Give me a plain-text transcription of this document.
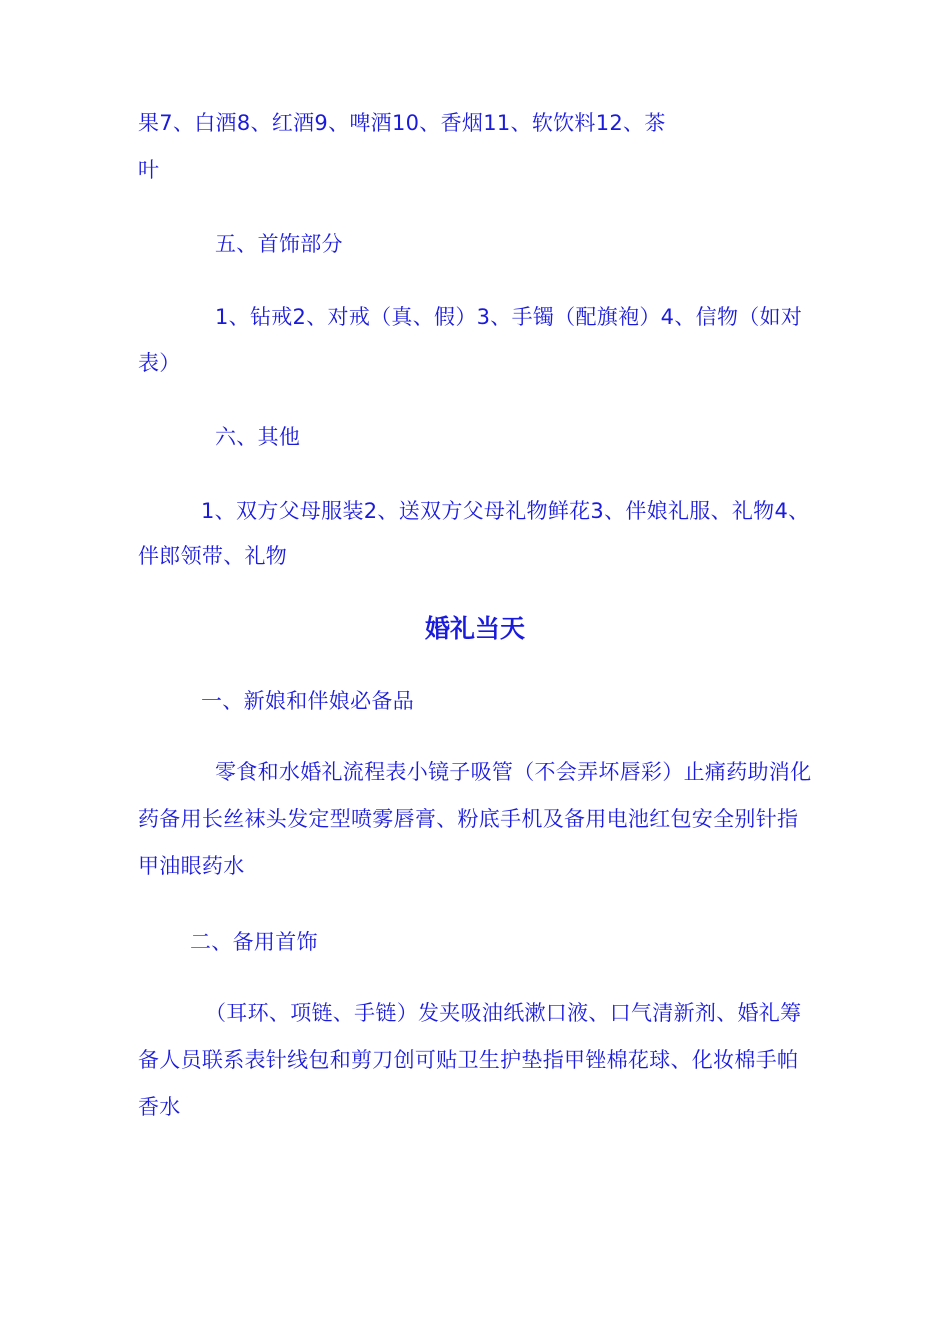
果7、白酒8、红酒9、啤酒10、香烟11、软饮料12、茶
叶
五、首饰部分
1、钻戒2、对戒（真、假）3、手镯（配旗袍）4、信物（如对
表）
六、其他
1、双方父母服装2、送双方父母礼物鲜花3、伴娘礼服、礼物4、
伴郎领带、礼物
婚礼当天
一、新娘和伴娘必备品
零食和水婚礼流程表小镜子吸管（不会弄坏唇彩）止痛药助消化
药备用长丝袜头发定型喷雾唇膏、粉底手机及备用电池红包安全别针指
甲油眼药水
二、备用首饰
（耳环、项链、手链）发夹吸油纸漱口液、口气清新剂、婚礼筹
备人员联系表针线包和剪刀创可贴卫生护垫指甲锉棉花球、化妆棉手帕
香水
